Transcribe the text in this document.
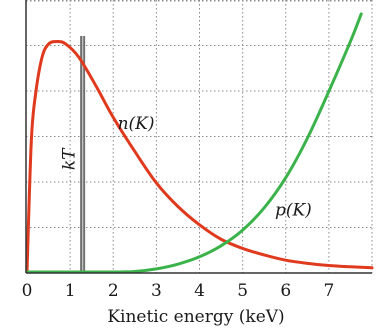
0 1 2 3 4 5 6 7
n(K)
p(K)
kT
Kinetic energy (keV)
